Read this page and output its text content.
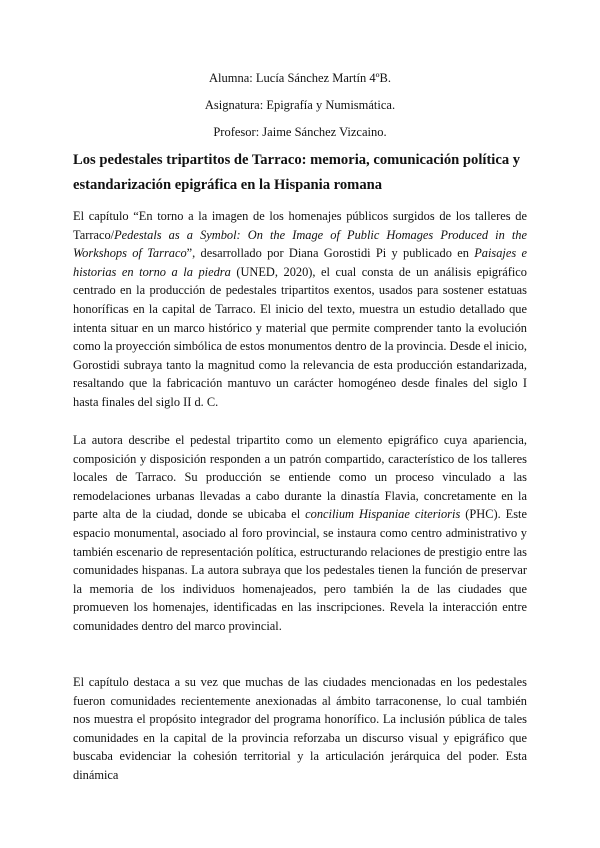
Alumna: Lucía Sánchez Martín 4ºB.
Asignatura: Epigrafía y Numismática.
Profesor: Jaime Sánchez Vizcaino.
Los pedestales tripartitos de Tarraco: memoria, comunicación política y estandarización epigráfica en la Hispania romana

El capítulo “En torno a la imagen de los homenajes públicos surgidos de los talleres de Tarraco/Pedestals as a Symbol: On the Image of Public Homages Produced in the Workshops of Tarraco”, desarrollado por Diana Gorostidi Pi y publicado en Paisajes e historias en torno a la piedra (UNED, 2020), el cual consta de un análisis epigráfico centrado en la producción de pedestales tripartitos exentos, usados para sostener estatuas honoríficas en la capital de Tarraco. El inicio del texto, muestra un estudio detallado que intenta situar en un marco histórico y material que permite comprender tanto la evolución como la proyección simbólica de estos monumentos dentro de la provincia. Desde el inicio, Gorostidi subraya tanto la magnitud como la relevancia de esta producción estandarizada, resaltando que la fabricación mantuvo un carácter homogéneo desde finales del siglo I hasta finales del siglo II d. C.

La autora describe el pedestal tripartito como un elemento epigráfico cuya apariencia, composición y disposición responden a un patrón compartido, característico de los talleres locales de Tarraco. Su producción se entiende como un proceso vinculado a las remodelaciones urbanas llevadas a cabo durante la dinastía Flavia, concretamente en la parte alta de la ciudad, donde se ubicaba el concilium Hispaniae citerioris (PHC). Este espacio monumental, asociado al foro provincial, se instaura como centro administrativo y también escenario de representación política, estructurando relaciones de prestigio entre las comunidades hispanas. La autora subraya que los pedestales tienen la función de preservar la memoria de los individuos homenajeados, pero también la de las ciudades que promueven los homenajes, identificadas en las inscripciones. Revela la interacción entre comunidades dentro del marco provincial.

El capítulo destaca a su vez que muchas de las ciudades mencionadas en los pedestales fueron comunidades recientemente anexionadas al ámbito tarraconense, lo cual también nos muestra el propósito integrador del programa honorífico. La inclusión pública de tales comunidades en la capital de la provincia reforzaba un discurso visual y epigráfico que buscaba evidenciar la cohesión territorial y la articulación jerárquica del poder. Esta dinámica
